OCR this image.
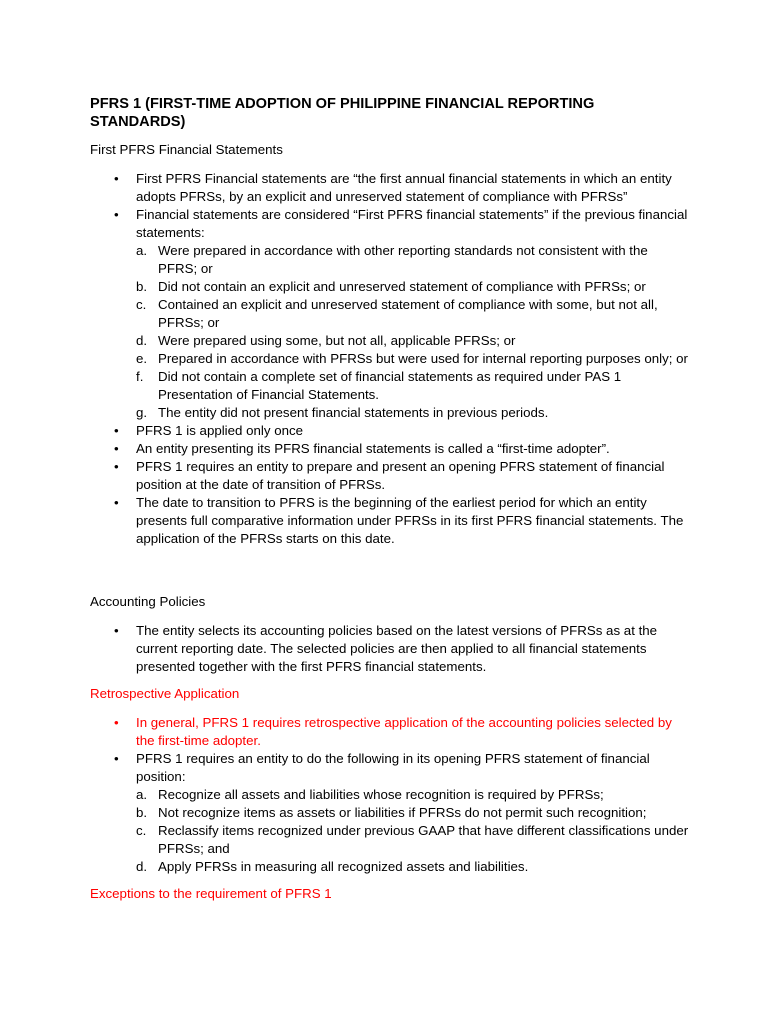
PFRS 1 (FIRST-TIME ADOPTION OF PHILIPPINE FINANCIAL REPORTING STANDARDS)

First PFRS Financial Statements

• First PFRS Financial statements are “the first annual financial statements in which an entity adopts PFRSs, by an explicit and unreserved statement of compliance with PFRSs”
• Financial statements are considered “First PFRS financial statements” if the previous financial statements:
a. Were prepared in accordance with other reporting standards not consistent with the PFRS; or
b. Did not contain an explicit and unreserved statement of compliance with PFRSs; or
c. Contained an explicit and unreserved statement of compliance with some, but not all, PFRSs; or
d. Were prepared using some, but not all, applicable PFRSs; or
e. Prepared in accordance with PFRSs but were used for internal reporting purposes only; or
f. Did not contain a complete set of financial statements as required under PAS 1 Presentation of Financial Statements.
g. The entity did not present financial statements in previous periods.
• PFRS 1 is applied only once
• An entity presenting its PFRS financial statements is called a “first-time adopter”.
• PFRS 1 requires an entity to prepare and present an opening PFRS statement of financial position at the date of transition of PFRSs.
• The date to transition to PFRS is the beginning of the earliest period for which an entity presents full comparative information under PFRSs in its first PFRS financial statements. The application of the PFRSs starts on this date.

Accounting Policies

• The entity selects its accounting policies based on the latest versions of PFRSs as at the current reporting date. The selected policies are then applied to all financial statements presented together with the first PFRS financial statements.

Retrospective Application

• In general, PFRS 1 requires retrospective application of the accounting policies selected by the first-time adopter.
• PFRS 1 requires an entity to do the following in its opening PFRS statement of financial position:
a. Recognize all assets and liabilities whose recognition is required by PFRSs;
b. Not recognize items as assets or liabilities if PFRSs do not permit such recognition;
c. Reclassify items recognized under previous GAAP that have different classifications under PFRSs; and
d. Apply PFRSs in measuring all recognized assets and liabilities.

Exceptions to the requirement of PFRS 1
